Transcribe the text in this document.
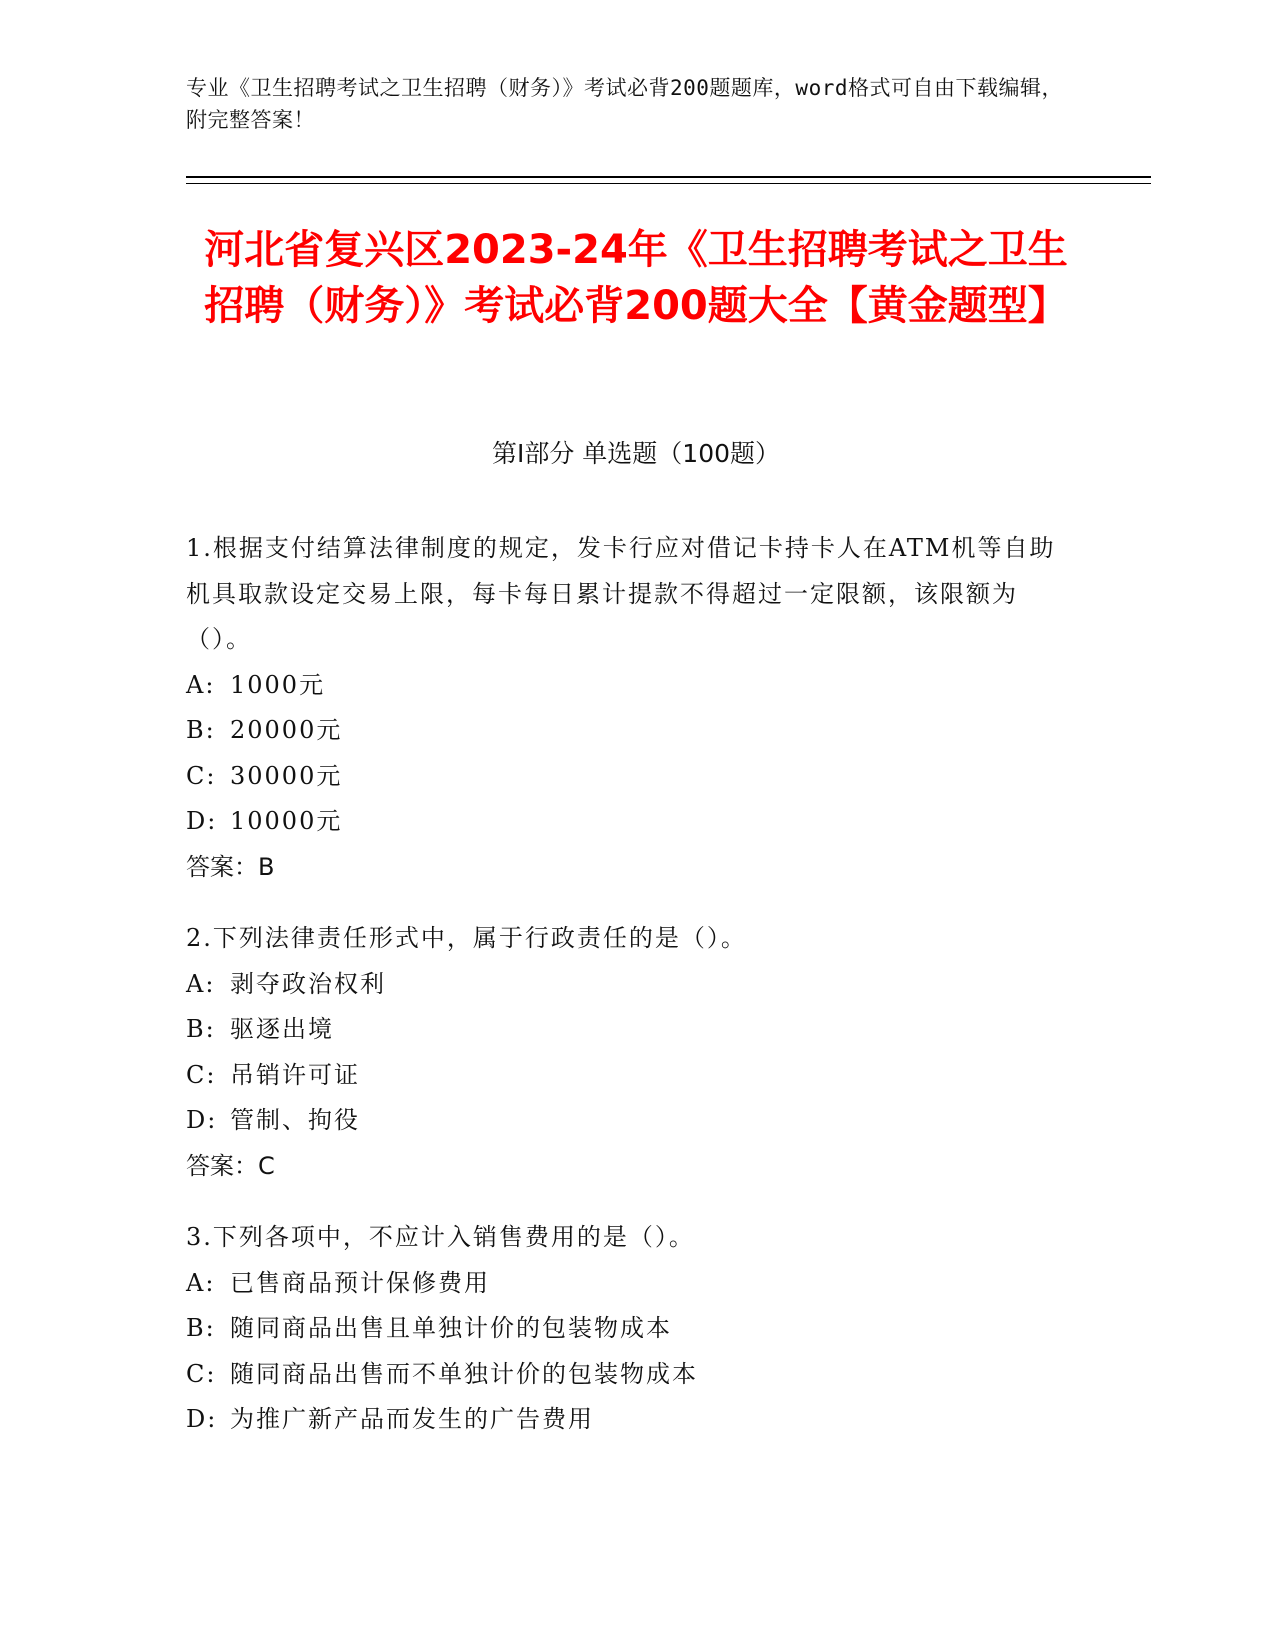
专业《卫生招聘考试之卫生招聘（财务）》考试必背200题题库，word格式可自由下载编辑，附完整答案！
河北省复兴区2023-24年《卫生招聘考试之卫生招聘（财务）》考试必背200题大全【黄金题型】
第I部分 单选题（100题）

1.根据支付结算法律制度的规定，发卡行应对借记卡持卡人在ATM机等自助机具取款设定交易上限，每卡每日累计提款不得超过一定限额，该限额为（）。

A: 1000元

B: 20000元

C: 30000元

D: 10000元

答案：B

2.下列法律责任形式中，属于行政责任的是（）。

A: 剥夺政治权利

B: 驱逐出境

C: 吊销许可证

D: 管制、拘役

答案：C

3.下列各项中，不应计入销售费用的是（）。

A: 已售商品预计保修费用

B: 随同商品出售且单独计价的包装物成本

C: 随同商品出售而不单独计价的包装物成本

D: 为推广新产品而发生的广告费用
